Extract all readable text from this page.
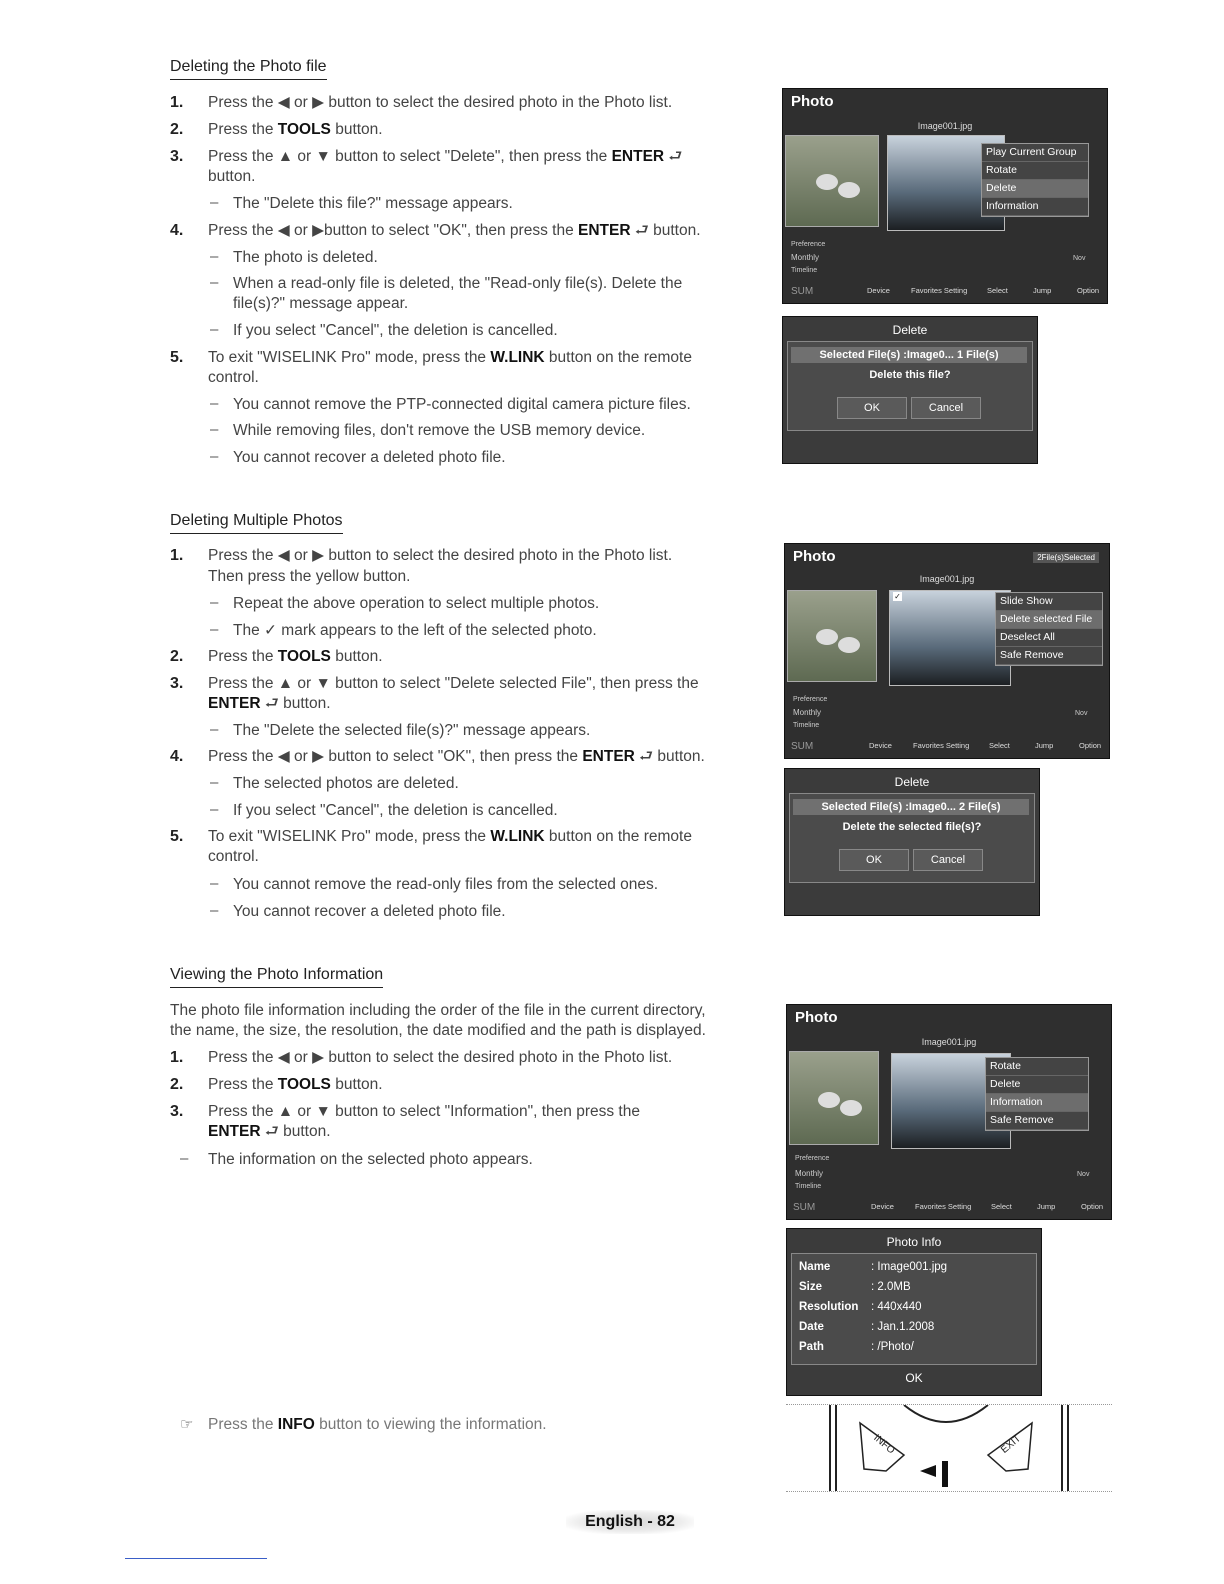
Deleting the Photo file
1. Press the ◀ or ▶ button to select the desired photo in the Photo list.
2. Press the TOOLS button.
3. Press the ▲ or ▼ button to select "Delete", then press the ENTER ⮐
button.
– The "Delete this file?" message appears.
4. Press the ◀ or ▶button to select "OK", then press the ENTER ⮐ button.
– The photo is deleted.
– When a read-only file is deleted, the "Read-only file(s). Delete the
file(s)?" message appear.
– If you select "Cancel", the deletion is cancelled.
5. To exit "WISELINK Pro" mode, press the W.LINK button on the remote
control.
– You cannot remove the PTP-connected digital camera picture files.
– While removing files, don't remove the USB memory device.
– You cannot recover a deleted photo file.
Photo
Image001.jpg
Play Current Group
Rotate
Delete
Information
Preference
Monthly
Timeline
Nov
SUM	Device	Favorites Setting	Select	Jump	Option
Delete
Selected File(s) :Image0... 1 File(s)
Delete this file?
OK	Cancel
Deleting Multiple Photos
1. Press the ◀ or ▶ button to select the desired photo in the Photo list.
Then press the yellow button.
– Repeat the above operation to select multiple photos.
– The ✓ mark appears to the left of the selected photo.
2. Press the TOOLS button.
3. Press the ▲ or ▼ button to select "Delete selected File", then press the
ENTER ⮐ button.
– The "Delete the selected file(s)?" message appears.
4. Press the ◀ or ▶ button to select "OK", then press the ENTER ⮐ button.
– The selected photos are deleted.
– If you select "Cancel", the deletion is cancelled.
5. To exit "WISELINK Pro" mode, press the W.LINK button on the remote
control.
– You cannot remove the read-only files from the selected ones.
– You cannot recover a deleted photo file.
Photo	2File(s)Selected
Image001.jpg
✓	Slide Show
Delete selected File
Deselect All
Safe Remove
Preference
Monthly
Timeline
Nov
SUM	Device	Favorites Setting	Select	Jump	Option
Delete
Selected File(s) :Image0... 2 File(s)
Delete the selected file(s)?
OK	Cancel
Viewing the Photo Information
The photo file information including the order of the file in the current directory,
the name, the size, the resolution, the date modified and the path is displayed.
1. Press the ◀ or ▶ button to select the desired photo in the Photo list.
2. Press the TOOLS button.
3. Press the ▲ or ▼ button to select "Information", then press the
ENTER ⮐ button.
– The information on the selected photo appears.
☞ Press the INFO button to viewing the information.
Photo
Image001.jpg
Rotate
Delete
Information
Safe Remove
Preference
Monthly
Timeline
Nov
SUM	Device	Favorites Setting	Select	Jump	Option
Photo Info
Name	: Image001.jpg
Size	: 2.0MB
Resolution	: 440x440
Date	: Jan.1.2008
Path	: /Photo/
OK
INFO	EXIT
English - 82
